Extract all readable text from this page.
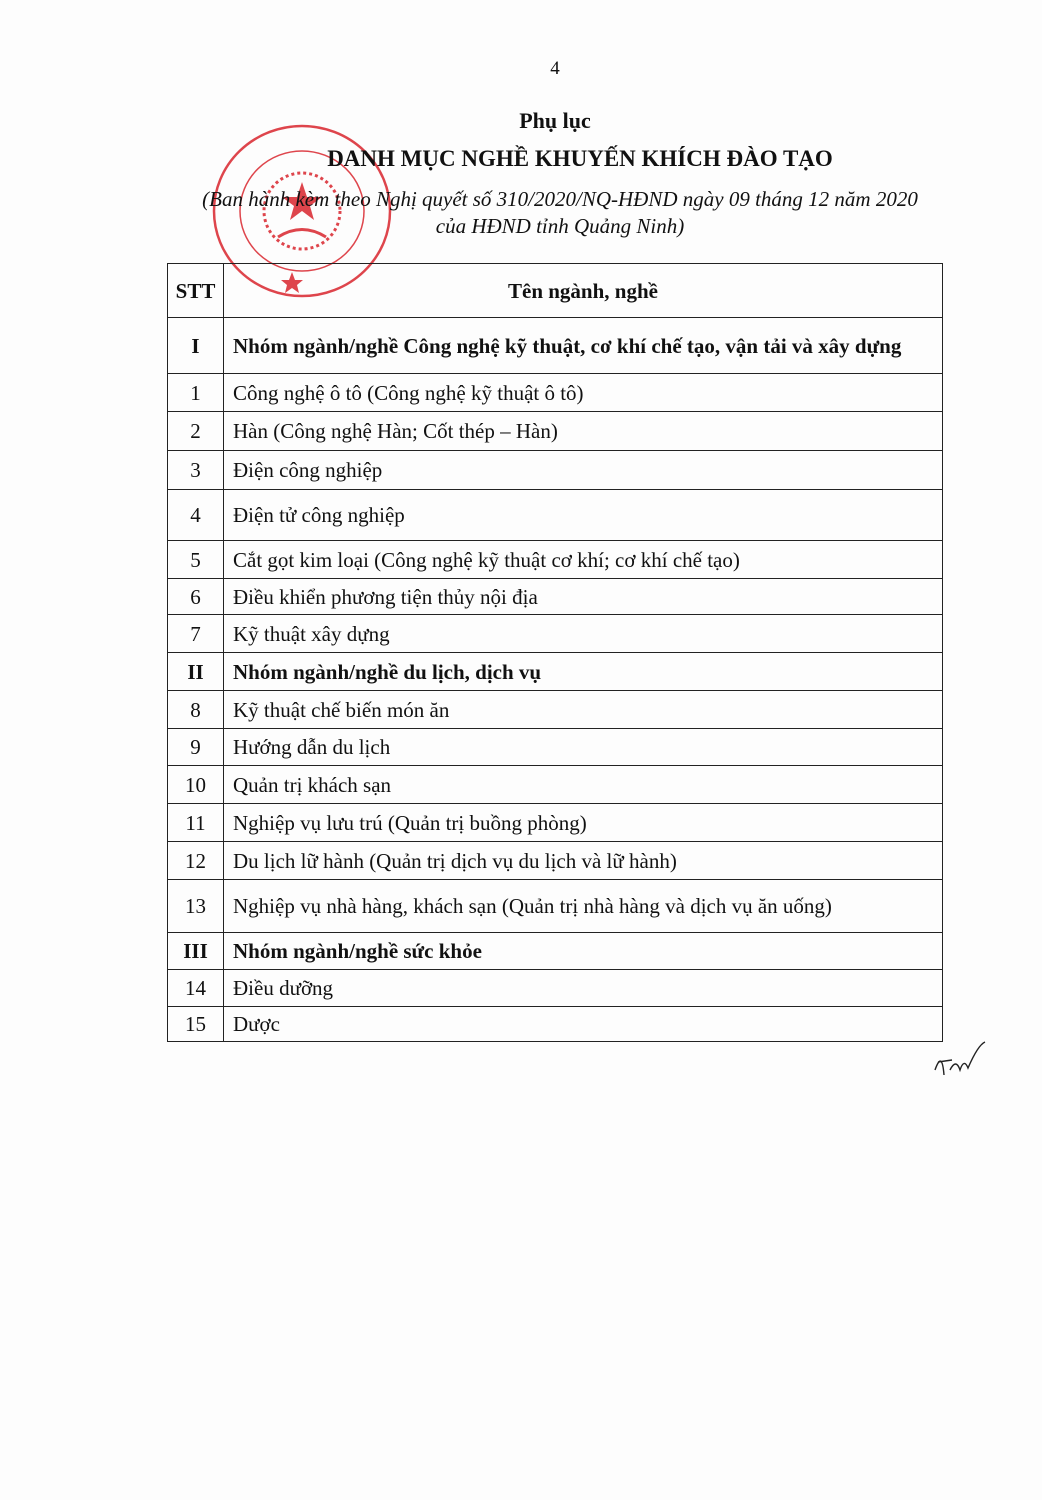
4
Phụ lục
DANH MỤC NGHỀ KHUYẾN KHÍCH ĐÀO TẠO
(Ban hành kèm theo Nghị quyết số 310/2020/NQ-HĐND ngày 09 tháng 12 năm 2020
của HĐND tỉnh Quảng Ninh)
STT	Tên ngành, nghề
I	Nhóm ngành/nghề Công nghệ kỹ thuật, cơ khí chế tạo, vận tải và xây dựng
1	Công nghệ ô tô (Công nghệ kỹ thuật ô tô)
2	Hàn (Công nghệ Hàn; Cốt thép – Hàn)
3	Điện công nghiệp
4	Điện tử công nghiệp
5	Cắt gọt kim loại (Công nghệ kỹ thuật cơ khí; cơ khí chế tạo)
6	Điều khiển phương tiện thủy nội địa
7	Kỹ thuật xây dựng
II	Nhóm ngành/nghề du lịch, dịch vụ
8	Kỹ thuật chế biến món ăn
9	Hướng dẫn du lịch
10	Quản trị khách sạn
11	Nghiệp vụ lưu trú (Quản trị buồng phòng)
12	Du lịch lữ hành (Quản trị dịch vụ du lịch và lữ hành)
13	Nghiệp vụ nhà hàng, khách sạn (Quản trị nhà hàng và dịch vụ ăn uống)
III	Nhóm ngành/nghề sức khỏe
14	Điều dưỡng
15	Dược
